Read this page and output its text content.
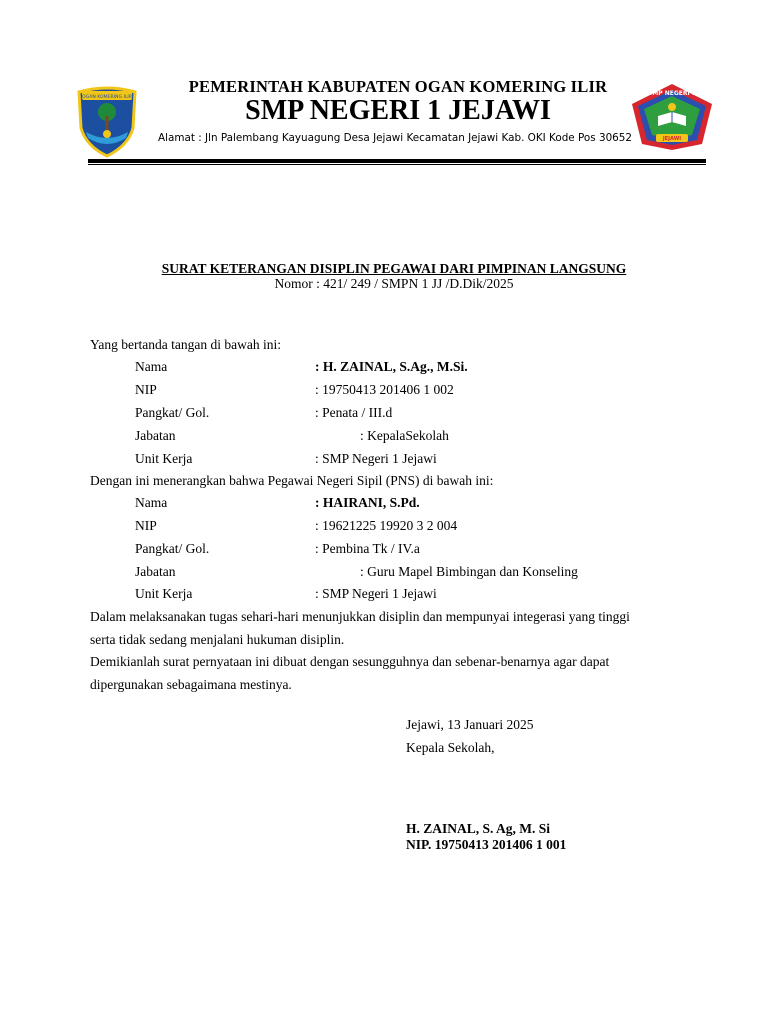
OGAN KOMERING ILIR
SMP NEGERI 1
JEJAWI
PEMERINTAH KABUPATEN OGAN KOMERING ILIR
SMP NEGERI 1 JEJAWI
Alamat : Jln Palembang Kayuagung Desa Jejawi Kecamatan Jejawi Kab. OKI Kode Pos 30652
SURAT KETERANGAN DISIPLIN PEGAWAI DARI PIMPINAN LANGSUNG
Nomor : 421/ 249 / SMPN 1 JJ /D.Dik/2025
Yang bertanda tangan di bawah ini:
Nama	: H. ZAINAL, S.Ag., M.Si.
NIP	: 19750413 201406 1 002
Pangkat/ Gol.	: Penata / III.d
Jabatan	: KepalaSekolah
Unit Kerja	: SMP Negeri 1 Jejawi
Dengan ini menerangkan bahwa Pegawai Negeri Sipil (PNS) di bawah ini:
Nama	: HAIRANI, S.Pd.
NIP	: 19621225 19920 3 2 004
Pangkat/ Gol.	: Pembina Tk / IV.a
Jabatan	: Guru Mapel Bimbingan dan Konseling
Unit Kerja	: SMP Negeri 1 Jejawi
Dalam melaksanakan tugas sehari-hari menunjukkan disiplin dan mempunyai integerasi yang tinggi
serta tidak sedang menjalani hukuman disiplin.
Demikianlah surat pernyataan ini dibuat dengan sesungguhnya dan sebenar-benarnya agar dapat
dipergunakan sebagaimana mestinya.
Jejawi, 13 Januari 2025
Kepala Sekolah,
H. ZAINAL, S. Ag, M. Si
NIP. 19750413 201406 1 001
